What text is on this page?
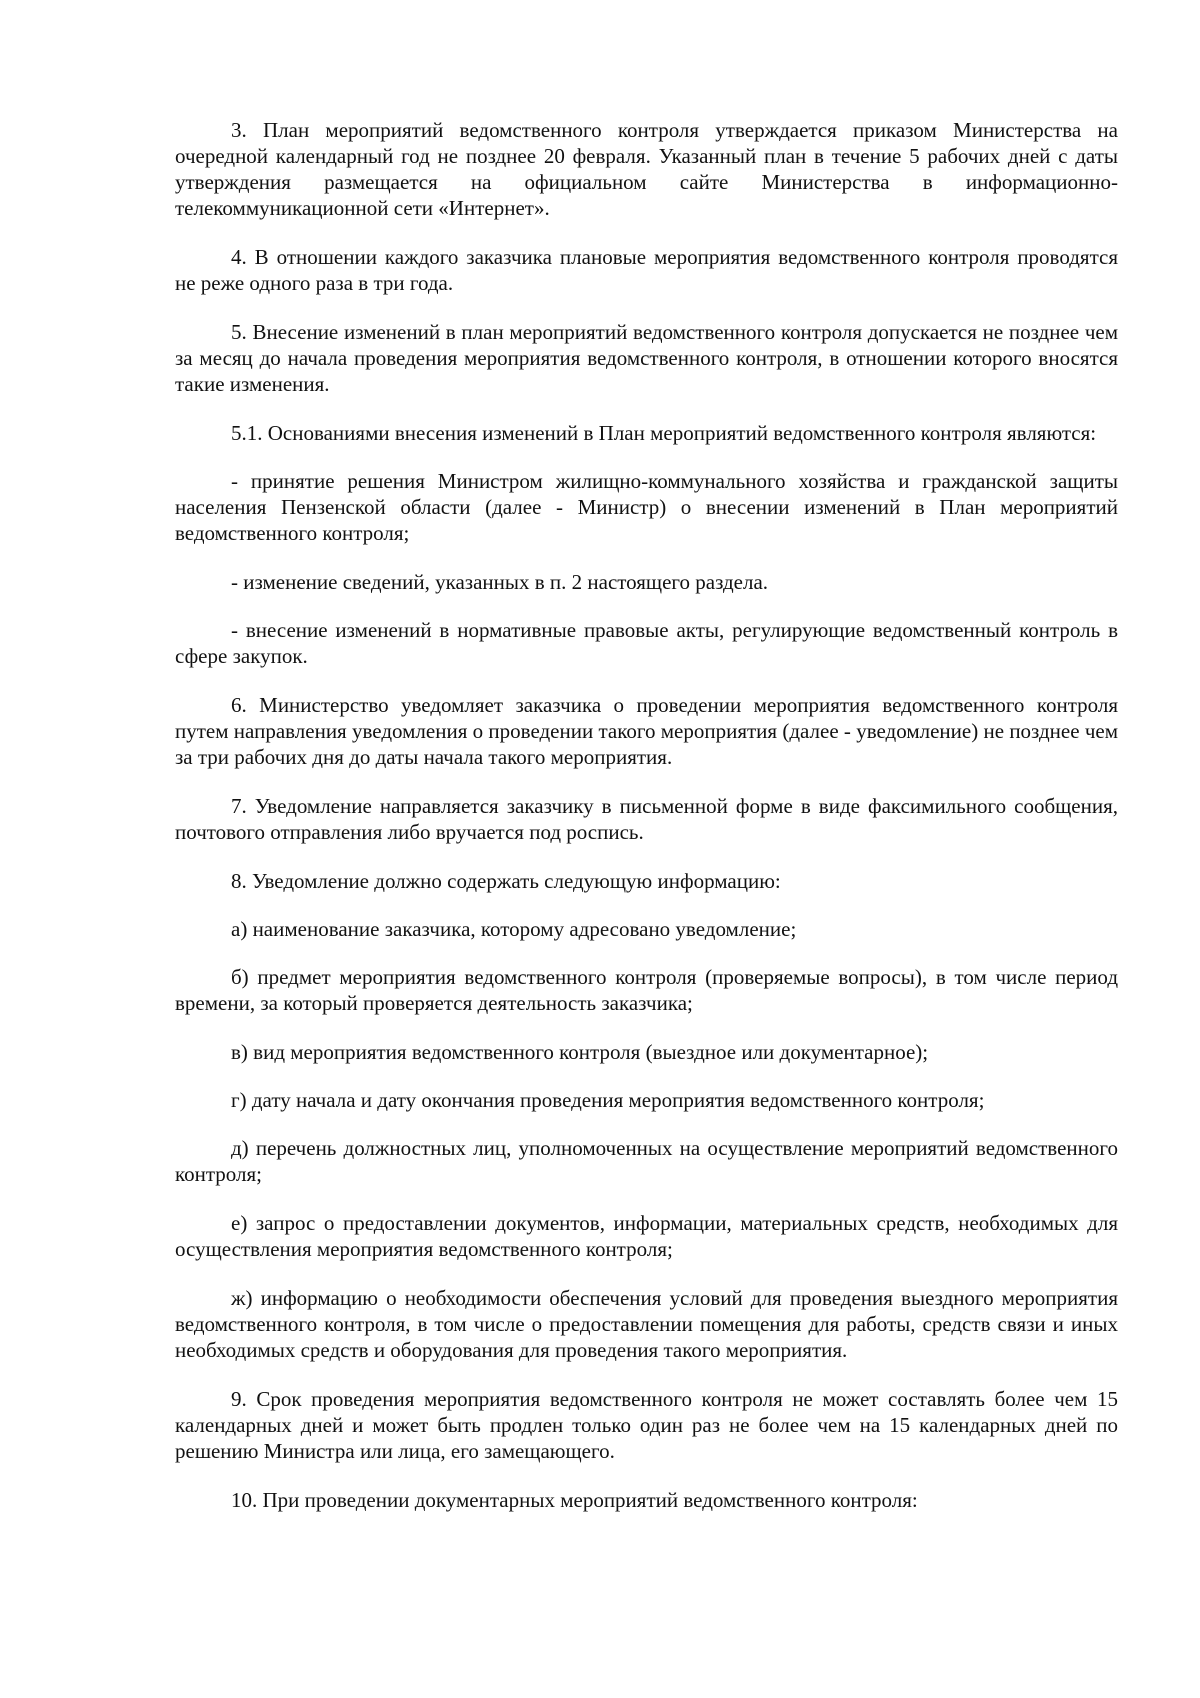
3. План мероприятий ведомственного контроля утверждается приказом Министерства на очередной календарный год не позднее 20 февраля. Указанный план в течение 5 рабочих дней с даты утверждения размещается на официальном сайте Министерства в информационно-телекоммуникационной сети «Интернет».

4. В отношении каждого заказчика плановые мероприятия ведомственного контроля проводятся не реже одного раза в три года.

5. Внесение изменений в план мероприятий ведомственного контроля допускается не позднее чем за месяц до начала проведения мероприятия ведомственного контроля, в отношении которого вносятся такие изменения.

5.1. Основаниями внесения изменений в План мероприятий ведомственного контроля являются:

- принятие решения Министром жилищно-коммунального хозяйства и гражданской защиты населения Пензенской области (далее - Министр) о внесении изменений в План мероприятий ведомственного контроля;

- изменение сведений, указанных в п. 2 настоящего раздела.

- внесение изменений в нормативные правовые акты, регулирующие ведомственный контроль в сфере закупок.

6. Министерство уведомляет заказчика о проведении мероприятия ведомственного контроля путем направления уведомления о проведении такого мероприятия (далее - уведомление) не позднее чем за три рабочих дня до даты начала такого мероприятия.

7. Уведомление направляется заказчику в письменной форме в виде факсимильного сообщения, почтового отправления либо вручается под роспись.

8. Уведомление должно содержать следующую информацию:

а) наименование заказчика, которому адресовано уведомление;

б) предмет мероприятия ведомственного контроля (проверяемые вопросы), в том числе период времени, за который проверяется деятельность заказчика;

в) вид мероприятия ведомственного контроля (выездное или документарное);

г) дату начала и дату окончания проведения мероприятия ведомственного контроля;

д) перечень должностных лиц, уполномоченных на осуществление мероприятий ведомственного контроля;

е) запрос о предоставлении документов, информации, материальных средств, необходимых для осуществления мероприятия ведомственного контроля;

ж) информацию о необходимости обеспечения условий для проведения выездного мероприятия ведомственного контроля, в том числе о предоставлении помещения для работы, средств связи и иных необходимых средств и оборудования для проведения такого мероприятия.

9. Срок проведения мероприятия ведомственного контроля не может составлять более чем 15 календарных дней и может быть продлен только один раз не более чем на 15 календарных дней по решению Министра или лица, его замещающего.

10. При проведении документарных мероприятий ведомственного контроля:
